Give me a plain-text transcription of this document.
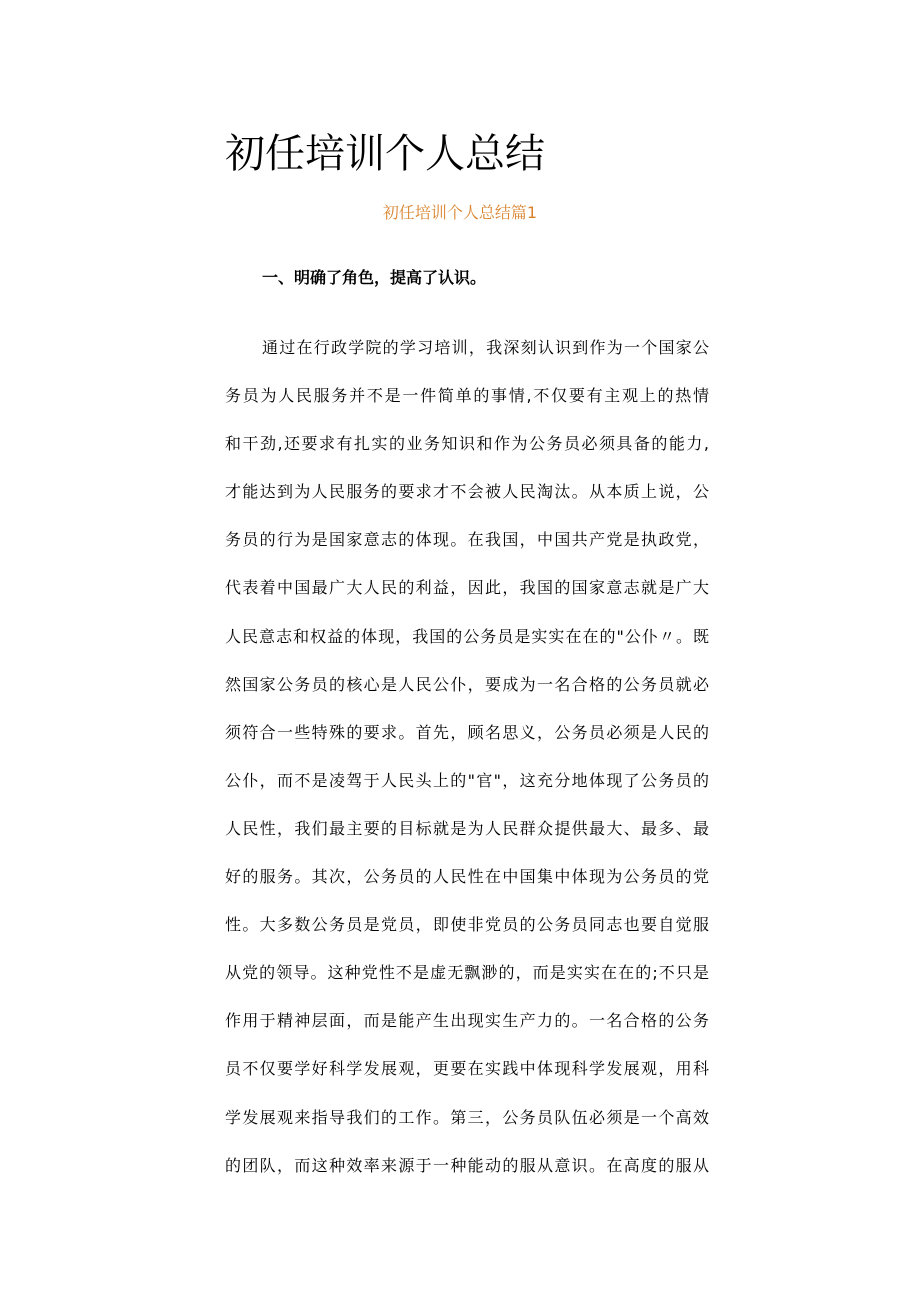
初任培训个人总结
初任培训个人总结篇1
一、明确了角色，提高了认识。
通过在行政学院的学习培训，我深刻认识到作为一个国家公
务员为人民服务并不是一件简单的事情,不仅要有主观上的热情
和干劲,还要求有扎实的业务知识和作为公务员必须具备的能力,
才能达到为人民服务的要求才不会被人民淘汰。从本质上说，公
务员的行为是国家意志的体现。在我国，中国共产党是执政党，
代表着中国最广大人民的利益，因此，我国的国家意志就是广大
人民意志和权益的体现，我国的公务员是实实在在的"公仆〃。既
然国家公务员的核心是人民公仆，要成为一名合格的公务员就必
须符合一些特殊的要求。首先，顾名思义，公务员必须是人民的
公仆，而不是凌驾于人民头上的"官"，这充分地体现了公务员的
人民性，我们最主要的目标就是为人民群众提供最大、最多、最
好的服务。其次，公务员的人民性在中国集中体现为公务员的党
性。大多数公务员是党员，即使非党员的公务员同志也要自觉服
从党的领导。这种党性不是虚无飘渺的，而是实实在在的;不只是
作用于精神层面，而是能产生出现实生产力的。一名合格的公务
员不仅要学好科学发展观，更要在实践中体现科学发展观，用科
学发展观来指导我们的工作。第三，公务员队伍必须是一个高效
的团队，而这种效率来源于一种能动的服从意识。在高度的服从
